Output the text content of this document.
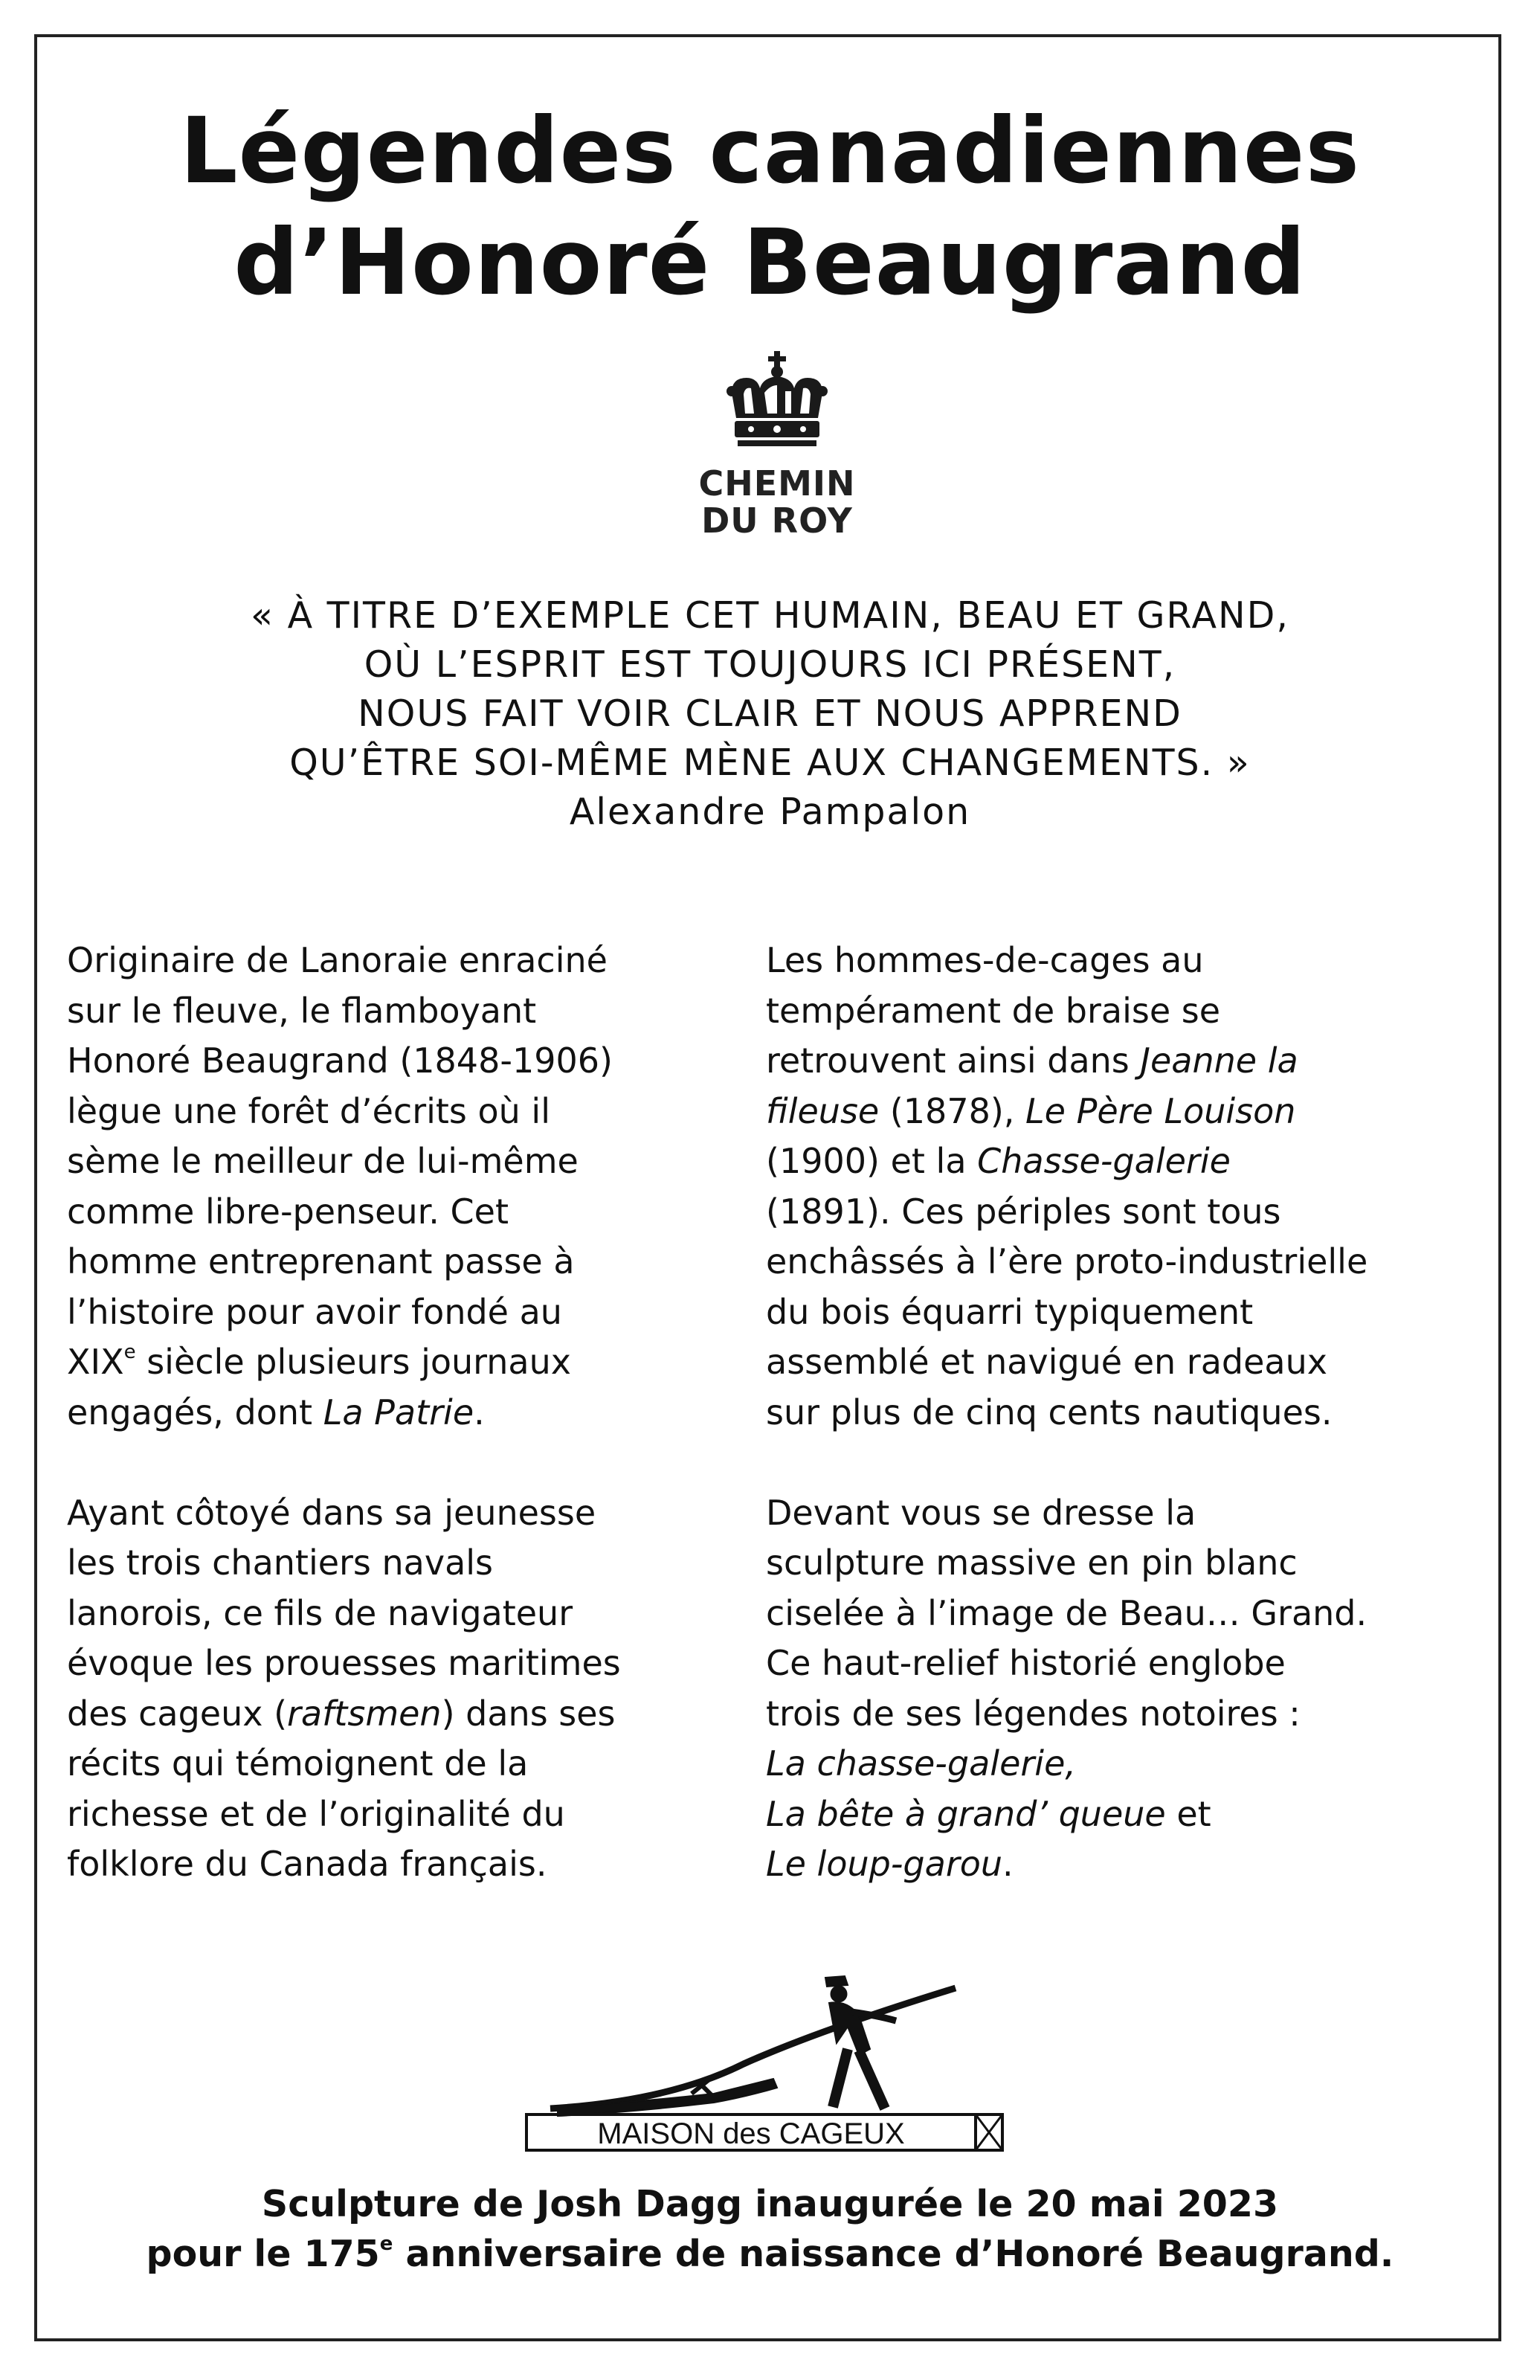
Légendes canadiennes
d’Honoré Beaugrand
CHEMIN
DU ROY
« À TITRE D’EXEMPLE CET HUMAIN, BEAU ET GRAND,
OÙ L’ESPRIT EST TOUJOURS ICI PRÉSENT,
NOUS FAIT VOIR CLAIR ET NOUS APPREND
QU’ÊTRE SOI-MÊME MÈNE AUX CHANGEMENTS. »
Alexandre Pampalon
Originaire de Lanoraie enraciné
sur le fleuve, le flamboyant
Honoré Beaugrand (1848-1906)
lègue une forêt d’écrits où il
sème le meilleur de lui-même
comme libre-penseur. Cet
homme entreprenant passe à
l’histoire pour avoir fondé au
XIXe siècle plusieurs journaux
engagés, dont La Patrie.
Ayant côtoyé dans sa jeunesse
les trois chantiers navals
lanorois, ce fils de navigateur
évoque les prouesses maritimes
des cageux (raftsmen) dans ses
récits qui témoignent de la
richesse et de l’originalité du
folklore du Canada français.
Les hommes-de-cages au
tempérament de braise se
retrouvent ainsi dans Jeanne la
fileuse (1878), Le Père Louison
(1900) et la Chasse-galerie
(1891). Ces périples sont tous
enchâssés à l’ère proto-industrielle
du bois équarri typiquement
assemblé et navigué en radeaux
sur plus de cinq cents nautiques.
Devant vous se dresse la
sculpture massive en pin blanc
ciselée à l’image de Beau… Grand.
Ce haut-relief historié englobe
trois de ses légendes notoires :
La chasse-galerie,
La bête à grand’ queue et
Le loup-garou.
MAISON des CAGEUX
Sculpture de Josh Dagg inaugurée le 20 mai 2023
pour le 175e anniversaire de naissance d’Honoré Beaugrand.
